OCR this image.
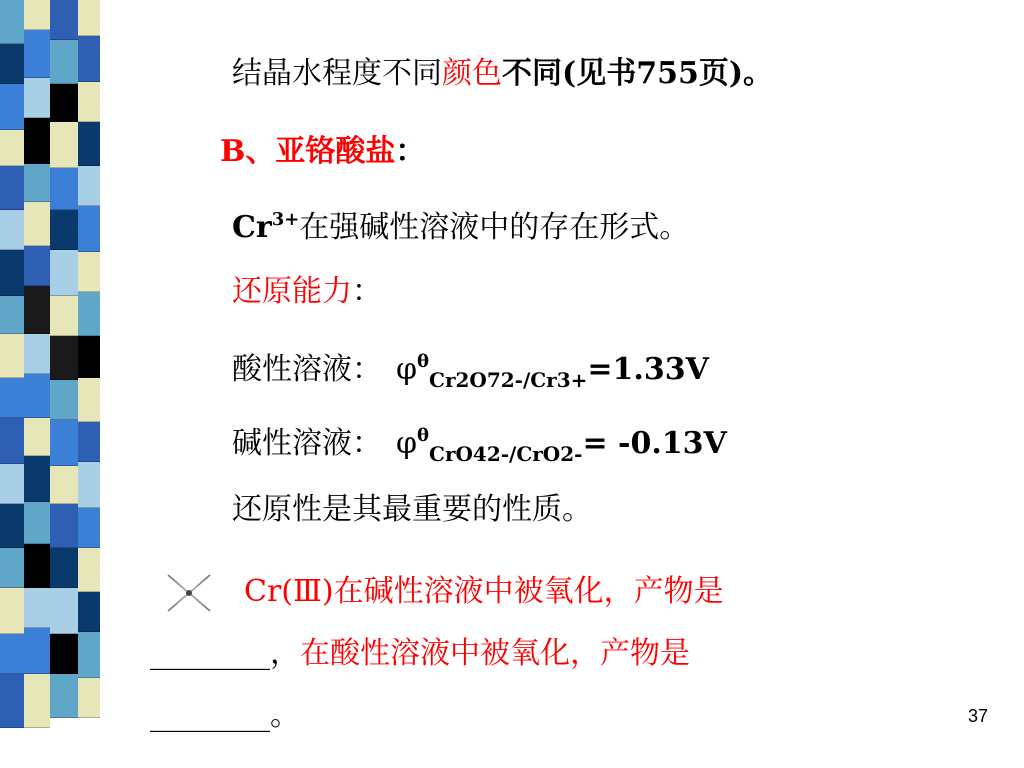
结晶水程度不同颜色不同(见书755页)。
B、亚铬酸盐：
$Cr^{3+}$在强碱性溶液中的存在形式。
还原能力：
酸性溶液： $\varphi^\theta_{Cr2O72-/Cr3+}=1.33V$
碱性溶液： $\varphi^\theta_{CrO42-/CrO2-}= -0.13V$
还原性是其最重要的性质。
Cr(Ⅲ)在碱性溶液中被氧化，产物是
________，在酸性溶液中被氧化，产物是
________。	37
